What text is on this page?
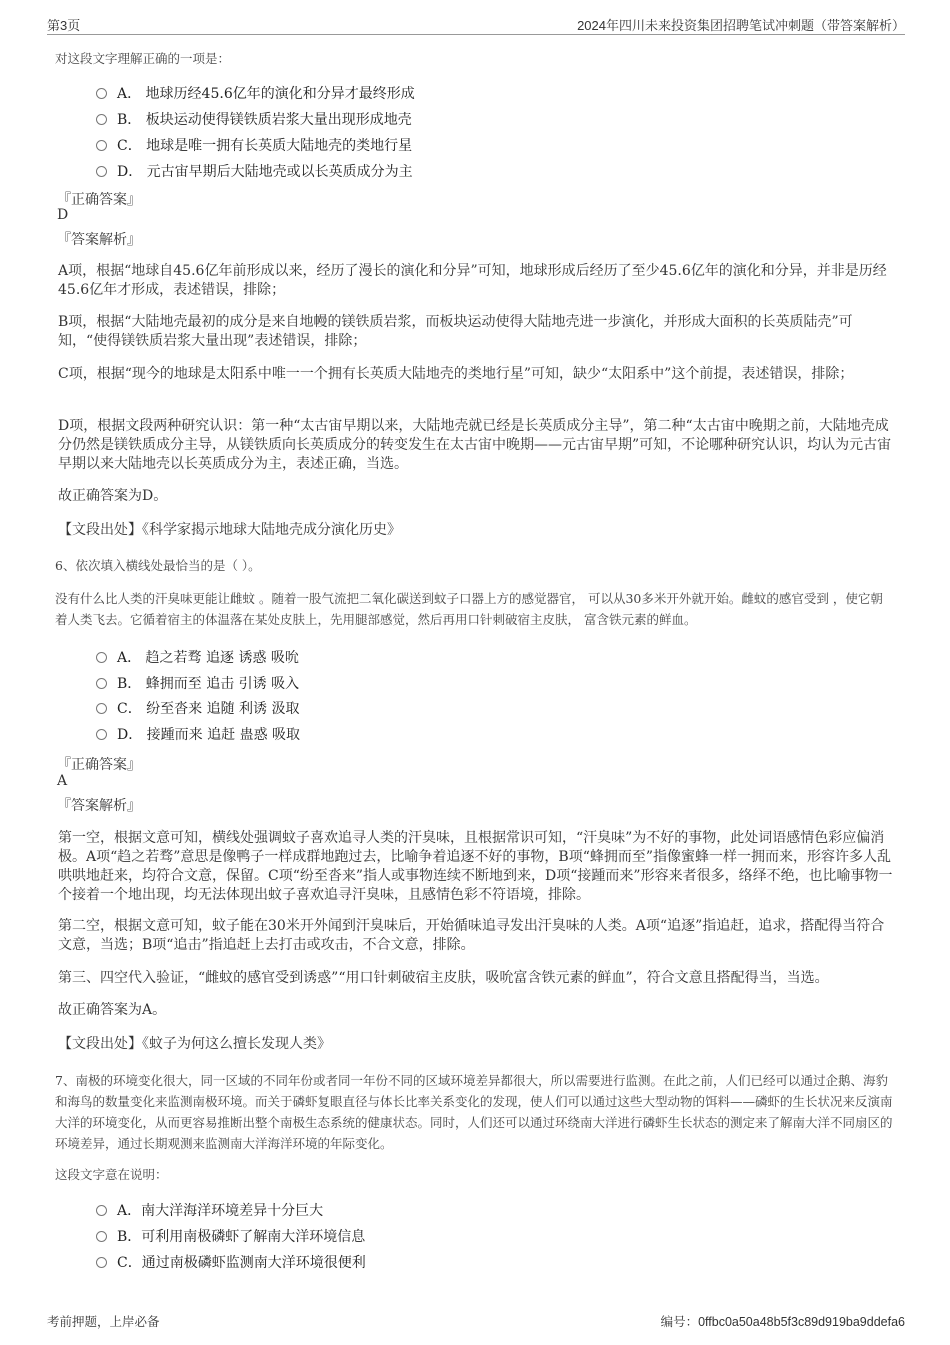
第3页	2024年四川未来投资集团招聘笔试冲刺题（带答案解析）
对这段文字理解正确的一项是：
A． 地球历经45.6亿年的演化和分异才最终形成
B． 板块运动使得镁铁质岩浆大量出现形成地壳
C． 地球是唯一拥有长英质大陆地壳的类地行星
D． 元古宙早期后大陆地壳或以长英质成分为主
『正确答案』
D
『答案解析』
A项，根据“地球自45.6亿年前形成以来，经历了漫长的演化和分异”可知，地球形成后经历了至少45.6亿年的演化和分异，并非是历经45.6亿年才形成，表述错误，排除；
B项，根据“大陆地壳最初的成分是来自地幔的镁铁质岩浆，而板块运动使得大陆地壳进一步演化，并形成大面积的长英质陆壳”可知，“使得镁铁质岩浆大量出现”表述错误，排除；
C项，根据“现今的地球是太阳系中唯一一个拥有长英质大陆地壳的类地行星”可知，缺少“太阳系中”这个前提，表述错误，排除；
D项，根据文段两种研究认识：第一种“太古宙早期以来，大陆地壳就已经是长英质成分主导”，第二种“太古宙中晚期之前，大陆地壳成分仍然是镁铁质成分主导，从镁铁质向长英质成分的转变发生在太古宙中晚期——元古宙早期”可知，不论哪种研究认识，均认为元古宙早期以来大陆地壳以长英质成分为主，表述正确，当选。
故正确答案为D。
【文段出处】《科学家揭示地球大陆地壳成分演化历史》
6、依次填入横线处最恰当的是（ ）。
没有什么比人类的汗臭味更能让雌蚊 。随着一股气流把二氧化碳送到蚊子口器上方的感觉器官， 可以从30多米开外就开始。雌蚊的感官受到 ，使它朝着人类飞去。它循着宿主的体温落在某处皮肤上，先用腿部感觉，然后再用口针刺破宿主皮肤， 富含铁元素的鲜血。
A． 趋之若骛 追逐 诱惑 吸吮
B． 蜂拥而至 追击 引诱 吸入
C． 纷至沓来 追随 利诱 汲取
D． 接踵而来 追赶 蛊惑 吸取
『正确答案』
A
『答案解析』
第一空，根据文意可知，横线处强调蚊子喜欢追寻人类的汗臭味，且根据常识可知，“汗臭味”为不好的事物，此处词语感情色彩应偏消极。A项“趋之若骛”意思是像鸭子一样成群地跑过去，比喻争着追逐不好的事物，B项“蜂拥而至”指像蜜蜂一样一拥而来，形容许多人乱哄哄地赶来，均符合文意，保留。C项“纷至沓来”指人或事物连续不断地到来，D项“接踵而来”形容来者很多，络绎不绝，也比喻事物一个接着一个地出现，均无法体现出蚊子喜欢追寻汗臭味，且感情色彩不符语境，排除。
第二空，根据文意可知，蚊子能在30米开外闻到汗臭味后，开始循味追寻发出汗臭味的人类。A项“追逐”指追赶，追求，搭配得当符合文意，当选；B项“追击”指追赶上去打击或攻击，不合文意，排除。
第三、四空代入验证，“雌蚊的感官受到诱惑”“用口针刺破宿主皮肤，吸吮富含铁元素的鲜血”，符合文意且搭配得当，当选。
故正确答案为A。
【文段出处】《蚊子为何这么擅长发现人类》
7、南极的环境变化很大，同一区域的不同年份或者同一年份不同的区域环境差异都很大，所以需要进行监测。在此之前，人们已经可以通过企鹅、海豹和海鸟的数量变化来监测南极环境。而关于磷虾复眼直径与体长比率关系变化的发现，使人们可以通过这些大型动物的饵料——磷虾的生长状况来反演南大洋的环境变化，从而更容易推断出整个南极生态系统的健康状态。同时，人们还可以通过环绕南大洋进行磷虾生长状态的测定来了解南大洋不同扇区的环境差异，通过长期观测来监测南大洋海洋环境的年际变化。
这段文字意在说明：
A．南大洋海洋环境差异十分巨大
B．可利用南极磷虾了解南大洋环境信息
C．通过南极磷虾监测南大洋环境很便利
考前押题，上岸必备	编号：0ffbc0a50a48b5f3c89d919ba9ddefa6
